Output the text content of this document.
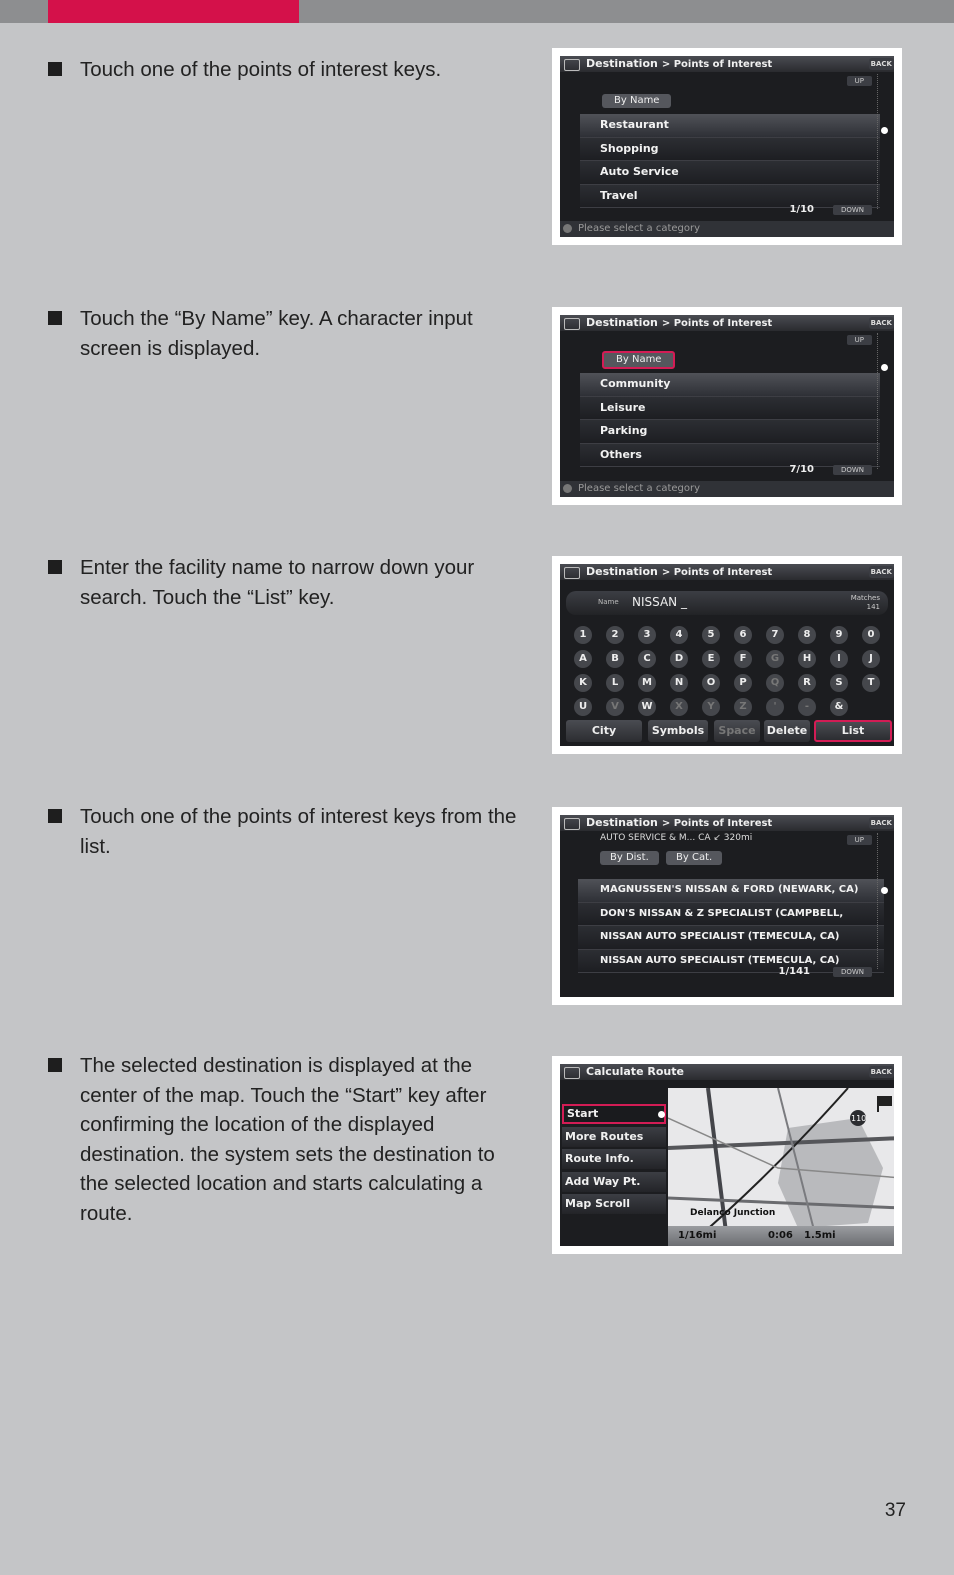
Touch one of the points of interest keys.	Destination > Points of Interest	BACK
UP
By Name
Restaurant
Shopping
Auto Service
Travel
1/10	DOWN
Please select a category
Touch the “By Name” key. A character input screen is displayed.
Destination > Points of Interest	BACK
UP
By Name
Community
Leisure
Parking
Others
7/10	DOWN
Please select a category
Enter the facility name to narrow down your search. Touch the “List” key.
Destination > Points of Interest	BACK
Name NISSAN _	Matches
141
1	2	3	4	5	6	7	8	9	0
A	B	C	D	E	F	G	H	I	J
K	L	M	N	O	P	Q	R	S	T
U	V	W	X	Y	Z	'	-	&
City	Symbols	Space	Delete	List
Touch one of the points of interest keys from the list.
Destination > Points of Interest	BACK
AUTO SERVICE & M... CA ↙ 320mi	UP
By Dist.	By Cat.
MAGNUSSEN'S NISSAN & FORD (NEWARK, CA)
DON'S NISSAN & Z SPECIALIST (CAMPBELL,
NISSAN AUTO SPECIALIST (TEMECULA, CA)
NISSAN AUTO SPECIALIST (TEMECULA, CA)
1/141	DOWN
The selected destination is displayed at the center of the map. Touch the “Start” key after confirming the location of the displayed destination. the system sets the destination to the selected location and starts calculating a route.
Calculate Route	BACK
Start
More Routes
Route Info.
Add Way Pt.
Map Scroll
110
Delanco Junction
1/16mi	0:06 1.5mi
37
